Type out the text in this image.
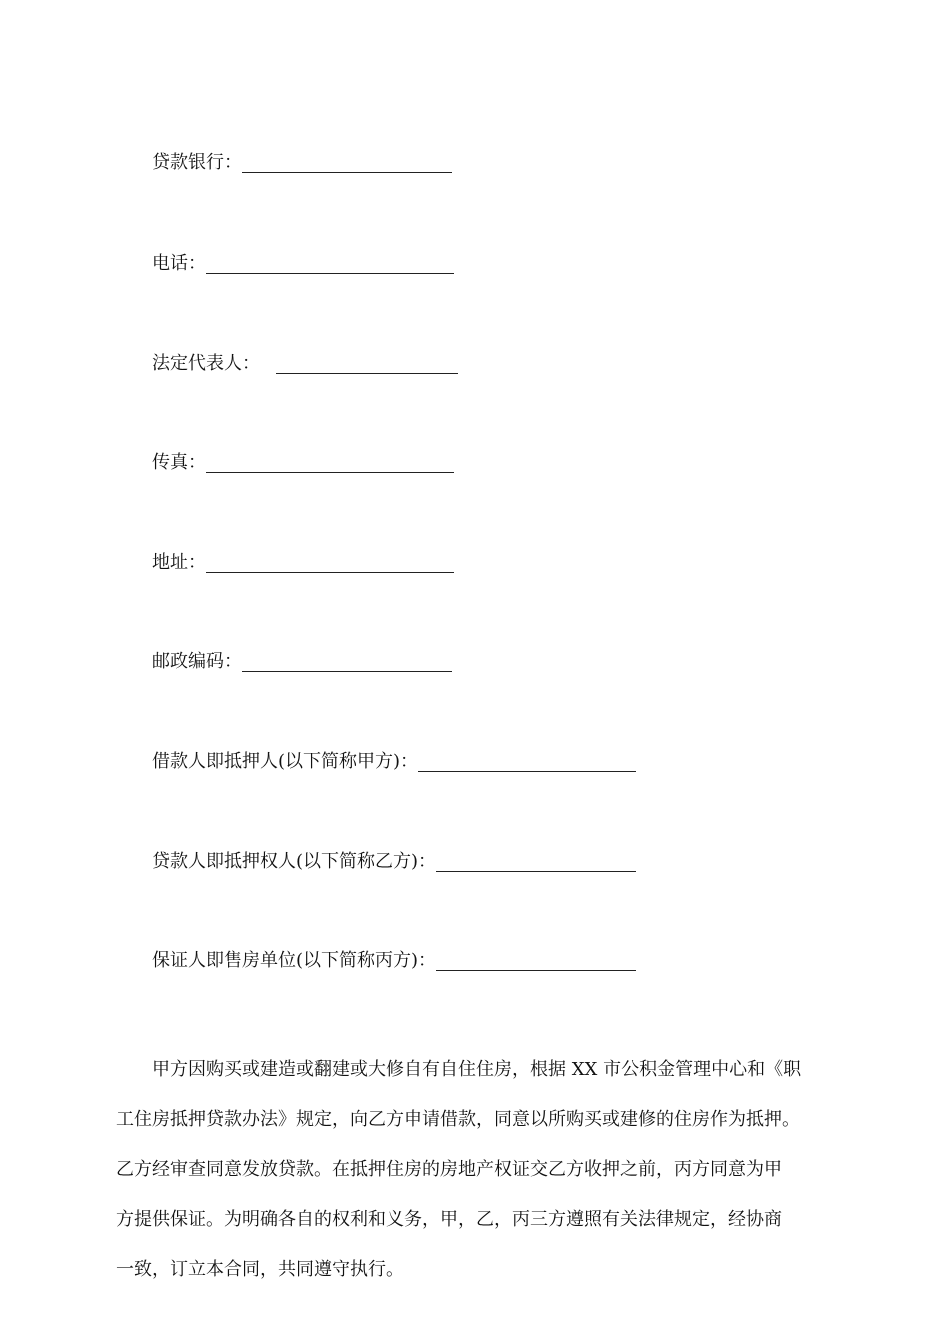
贷款银行：
电话：
法定代表人：
传真：
地址：
邮政编码：
借款人即抵押人(以下简称甲方)：
贷款人即抵押权人(以下简称乙方)：
保证人即售房单位(以下简称丙方)：
甲方因购买或建造或翻建或大修自有自住住房，根据 XX 市公积金管理中心和《职
工住房抵押贷款办法》规定，向乙方申请借款，同意以所购买或建修的住房作为抵押。
乙方经审查同意发放贷款。在抵押住房的房地产权证交乙方收押之前，丙方同意为甲
方提供保证。为明确各自的权利和义务，甲，乙，丙三方遵照有关法律规定，经协商
一致，订立本合同，共同遵守执行。
